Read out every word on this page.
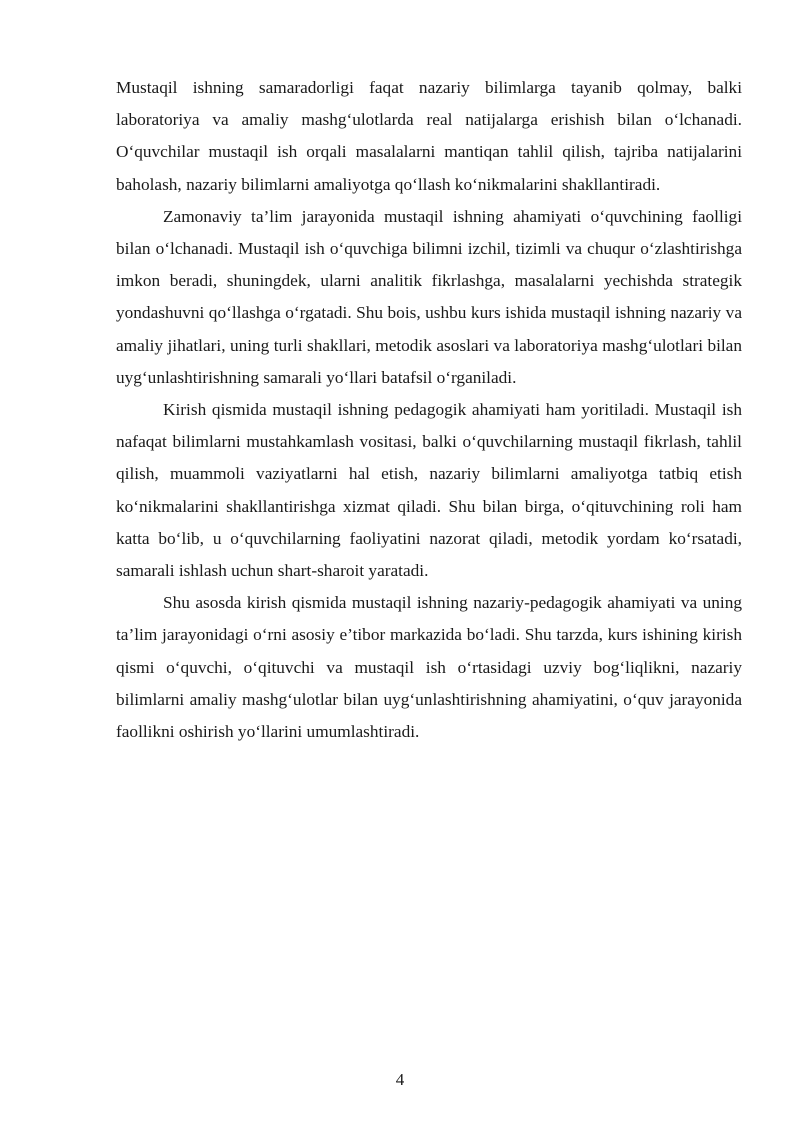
Mustaqil ishning samaradorligi faqat nazariy bilimlarga tayanib qolmay, balki laboratoriya va amaliy mashg‘ulotlarda real natijalarga erishish bilan o‘lchanadi. O‘quvchilar mustaqil ish orqali masalalarni mantiqan tahlil qilish, tajriba natijalarini baholash, nazariy bilimlarni amaliyotga qo‘llash ko‘nikmalarini shakllantiradi.

Zamonaviy ta’lim jarayonida mustaqil ishning ahamiyati o‘quvchining faolligi bilan o‘lchanadi. Mustaqil ish o‘quvchiga bilimni izchil, tizimli va chuqur o‘zlashtirishga imkon beradi, shuningdek, ularni analitik fikrlashga, masalalarni yechishda strategik yondashuvni qo‘llashga o‘rgatadi. Shu bois, ushbu kurs ishida mustaqil ishning nazariy va amaliy jihatlari, uning turli shakllari, metodik asoslari va laboratoriya mashg‘ulotlari bilan uyg‘unlashtirishning samarali yo‘llari batafsil o‘rganiladi.

Kirish qismida mustaqil ishning pedagogik ahamiyati ham yoritiladi. Mustaqil ish nafaqat bilimlarni mustahkamlash vositasi, balki o‘quvchilarning mustaqil fikrlash, tahlil qilish, muammoli vaziyatlarni hal etish, nazariy bilimlarni amaliyotga tatbiq etish ko‘nikmalarini shakllantirishga xizmat qiladi. Shu bilan birga, o‘qituvchining roli ham katta bo‘lib, u o‘quvchilarning faoliyatini nazorat qiladi, metodik yordam ko‘rsatadi, samarali ishlash uchun shart-sharoit yaratadi.

Shu asosda kirish qismida mustaqil ishning nazariy-pedagogik ahamiyati va uning ta’lim jarayonidagi o‘rni asosiy e’tibor markazida bo‘ladi. Shu tarzda, kurs ishining kirish qismi o‘quvchi, o‘qituvchi va mustaqil ish o‘rtasidagi uzviy bog‘liqlikni, nazariy bilimlarni amaliy mashg‘ulotlar bilan uyg‘unlashtirishning ahamiyatini, o‘quv jarayonida faollikni oshirish yo‘llarini umumlashtiradi.

4
